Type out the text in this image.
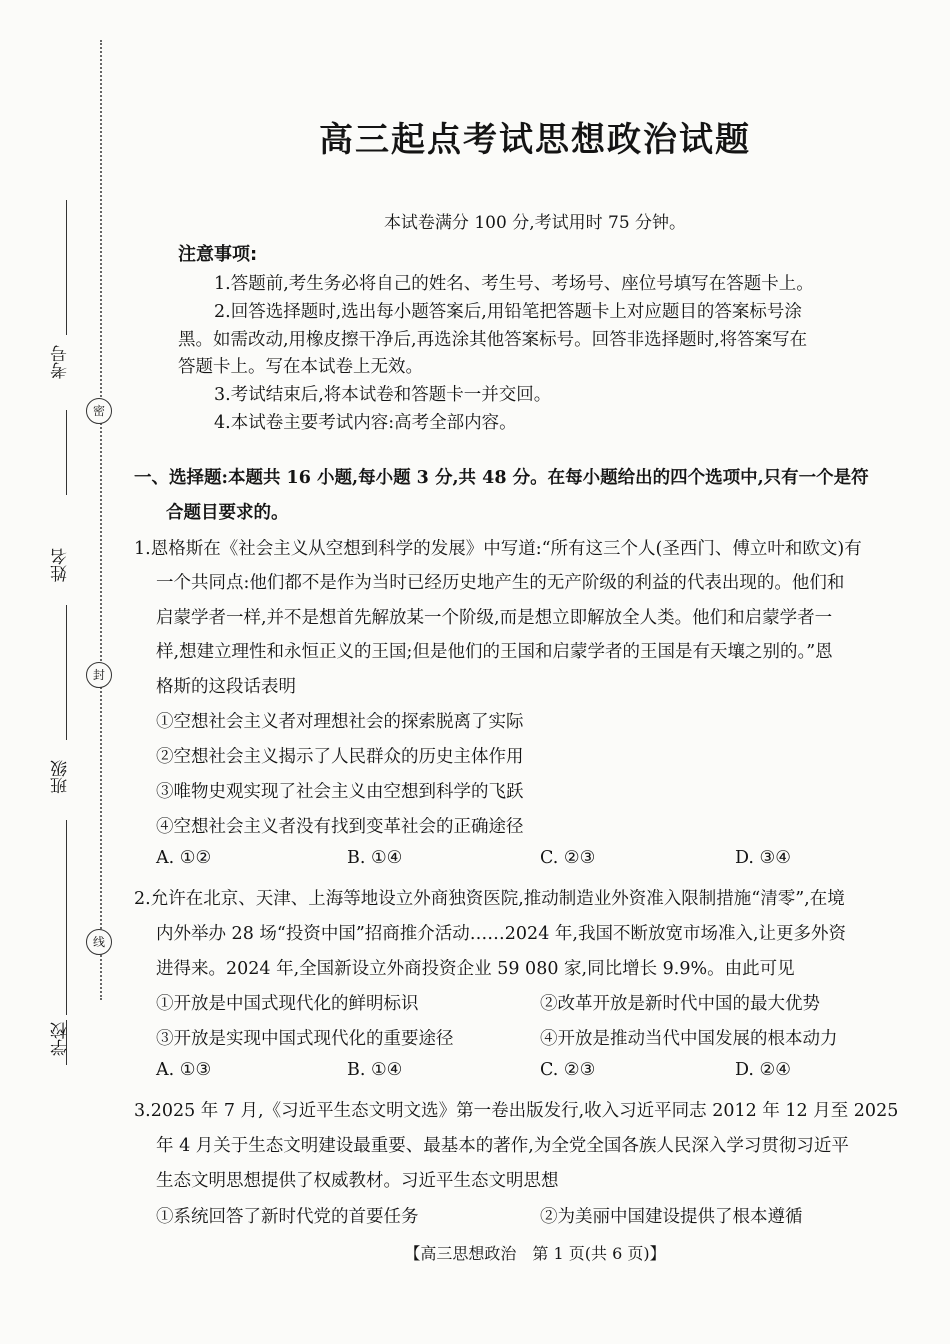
密
封
线
考号
姓名
班级
学校
高三起点考试思想政治试题
本试卷满分 100 分,考试用时 75 分钟。
注意事项:
1.答题前,考生务必将自己的姓名、考生号、考场号、座位号填写在答题卡上。
2.回答选择题时,选出每小题答案后,用铅笔把答题卡上对应题目的答案标号涂
黑。如需改动,用橡皮擦干净后,再选涂其他答案标号。回答非选择题时,将答案写在
答题卡上。写在本试卷上无效。
3.考试结束后,将本试卷和答题卡一并交回。
4.本试卷主要考试内容:高考全部内容。
一、选择题:本题共 16 小题,每小题 3 分,共 48 分。在每小题给出的四个选项中,只有一个是符
合题目要求的。
1.恩格斯在《社会主义从空想到科学的发展》中写道:“所有这三个人(圣西门、傅立叶和欧文)有
一个共同点:他们都不是作为当时已经历史地产生的无产阶级的利益的代表出现的。他们和
启蒙学者一样,并不是想首先解放某一个阶级,而是想立即解放全人类。他们和启蒙学者一
样,想建立理性和永恒正义的王国;但是他们的王国和启蒙学者的王国是有天壤之别的。”恩
格斯的这段话表明
①空想社会主义者对理想社会的探索脱离了实际
②空想社会主义揭示了人民群众的历史主体作用
③唯物史观实现了社会主义由空想到科学的飞跃
④空想社会主义者没有找到变革社会的正确途径
A. ①②	B. ①④	C. ②③	D. ③④
2.允许在北京、天津、上海等地设立外商独资医院,推动制造业外资准入限制措施“清零”,在境
内外举办 28 场“投资中国”招商推介活动……2024 年,我国不断放宽市场准入,让更多外资
进得来。2024 年,全国新设立外商投资企业 59 080 家,同比增长 9.9%。由此可见
①开放是中国式现代化的鲜明标识	②改革开放是新时代中国的最大优势
③开放是实现中国式现代化的重要途径	④开放是推动当代中国发展的根本动力
A. ①③	B. ①④	C. ②③	D. ②④
3.2025 年 7 月,《习近平生态文明文选》第一卷出版发行,收入习近平同志 2012 年 12 月至 2025
年 4 月关于生态文明建设最重要、最基本的著作,为全党全国各族人民深入学习贯彻习近平
生态文明思想提供了权威教材。习近平生态文明思想
①系统回答了新时代党的首要任务	②为美丽中国建设提供了根本遵循
【高三思想政治　第 1 页(共 6 页)】
